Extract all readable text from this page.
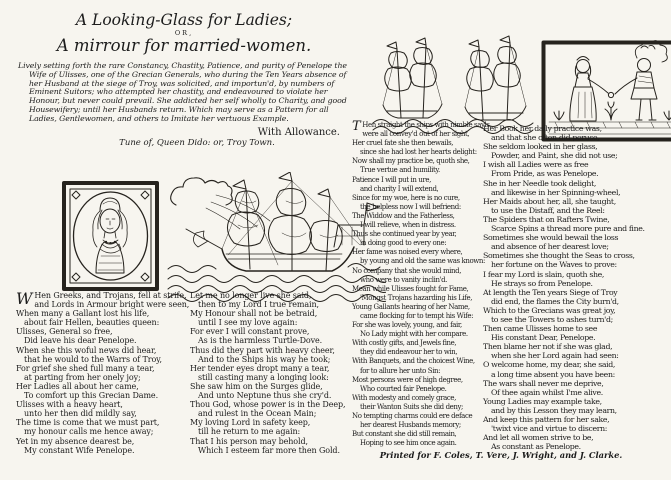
A Looking-Glass for Ladies;
OR,
A mirrour for married-women.

Lively setting forth the rare Constancy, Chastity, Patience, and purity of Penelope the Wife of Ulisses, one of the Grecian Generals, who during the Ten Years absence of her Husband at the siege of Troy, was solicited, and importun'd, by numbers of Eminent Suitors; who attempted her chastity, and endeavoured to violate her Honour, but never could prevail. She addicted her self wholly to Charity, and good Housewifery; until her Husbands return. Which may serve as a Pattern for all Ladies, Gentlewomen, and others to Imitate her vertuous Example.

With Allowance.
Tune of, Queen Dido: or, Troy Town.
W Hen Greeks, and Trojans, fell at strife,
and Lords in Armour bright were seen,
When many a Gallant lost his life,
about fair Hellen, beauties queen:
Ulisses, General so free,
Did leave his dear Penelope.
When she this woful news did hear,
that he would to the Warrs of Troy,
For grief she shed full many a tear,
at parting from her onely joy;
Her Ladies all about her came,
To comfort up this Grecian Dame.
Ulisses with a heavy heart,
unto her then did mildly say,
The time is come that we must part,
my honour calls me hence away;
Yet in my absence dearest be,
My constant Wife Penelope.
Let me no longer live she said,
then to my Lord I true remain,
My Honour shall not be betraid,
until I see my love again:
For ever I will constant prove,
As is the harmless Turtle-Dove.
Thus did they part with heavy cheer,
And to the Ships his way he took;
Her tender eyes dropt many a tear,
still casting many a longing look:
She saw him on the Surges glide,
And unto Neptune thus she cry'd.
Thou God, whose power is in the Deep,
and rulest in the Ocean Main;
My loving Lord in safety keep,
till he return to me again:
That I his person may behold,
Which I esteem far more then Gold.
T Hen straight the ships with nimble sayls,
were all convey'd out of her sight,
Her cruel fate she then bewails,
since she had lost her hearts delight:
Now shall my practice be, quoth she,
True vertue and humility.
Patience I will put in ure,
and charity I will extend,
Since for my woe, here is no cure,
the helpless now I will befriend:
The Widdow and the Fatherless,
I will relieve, when in distress.
Thus she continued year by year,
in doing good to every one:
Her fame was noised every where,
by young and old the same was known:
No company that she would mind,
who were to vanity inclin'd.
Mean while Ulisses fought for Fame,
'Mongst Trojans hazarding his Life,
Young Gallants hearing of her Name,
came flocking for to tempt his Wife:
For she was lovely, young, and fair,
No Lady might with her compare.
With costly gifts, and Jewels fine,
they did endeavour her to win,
With Banquets, and the choicest Wine,
for to allure her unto Sin:
Most persons were of high degree,
Who courted fair Penelope.
With modesty and comely grace,
their Wanton Suits she did deny;
No tempting charms could ere deface
her dearest Husbands memory;
But constant she did still remain,
Hoping to see him once again.
Her Book her daily practice was,
and that she often did peruse,
She seldom looked in her glass,
Powder, and Paint, she did not use;
I wish all Ladies were as free
From Pride, as was Penelope.
She in her Needle took delight,
and likewise in her Spinning-wheel,
Her Maids about her, all, she taught,
to use the Distaff, and the Reel:
The Spiders that on Rafters Twine,
Scarce Spins a thread more pure and fine.
Sometimes she would bewail the loss
and absence of her dearest love;
Sometimes she thought the Seas to cross,
her fortune on the Waves to prove:
I fear my Lord is slain, quoth she,
He strays so from Penelope.
At length the Ten years Siege of Troy
did end, the flames the City burn'd,
Which to the Grecians was great joy,
to see the Towers to ashes turn'd;
Then came Ulisses home to see
His constant Dear, Penelope.
Then blame her not if she was glad,
when she her Lord again had seen:
O welcome home, my dear, she said,
a long time absent you have been:
The wars shall never me deprive,
Of thee again whilst I'me alive.
Young Ladies may example take,
and by this Lesson they may learn,
And keep this pattern for her sake,
'twixt vice and virtue to discern:
And let all women strive to be,
As constant as Penelope.
Printed for F. Coles, T. Vere, J. Wright, and J. Clarke.
